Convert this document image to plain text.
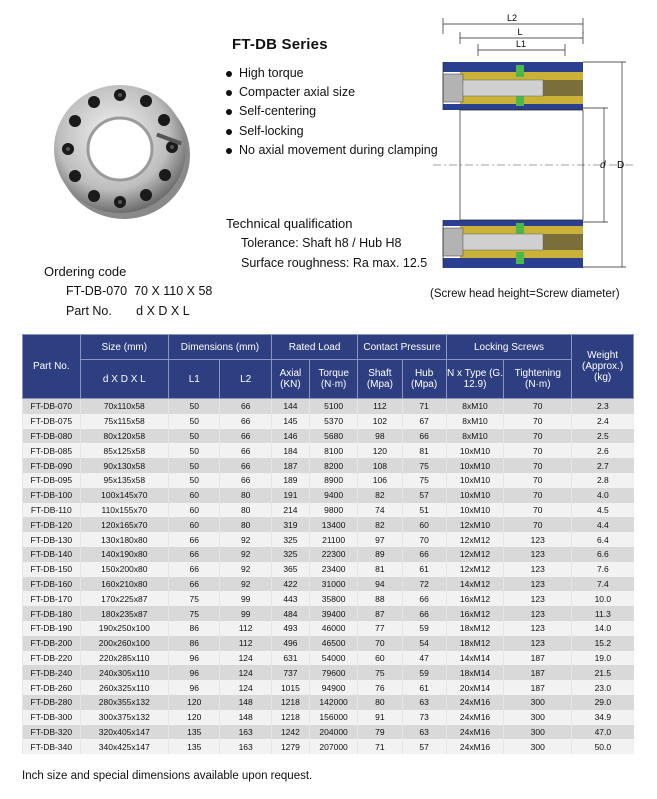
FT-DB Series
High torque
Compacter axial size
Self-centering
Self-locking
No axial movement during clamping
Technical qualification
Tolerance: Shaft h8 / Hub H8
Surface roughness: Ra max. 12.5
Ordering code
FT-DB-070  70 X 110 X 58
Part No.       d X D X L
L2
L
L1
d D
(Screw head height=Screw diameter)
Part No.	Size (mm)	Dimensions (mm)		Rated Load		Contact Pressure		Locking Screws		Weight (Approx.) (kg)
	d X D X L	L1	L2	Axial (KN)	Torque (N·m)	Shaft (Mpa)	Hub (Mpa)	N x Type (G. 12.9)	Tightening (N·m)	
FT-DB-070	70x110x58	50	66	144	5100	112	71	8xM10	70	2.3
FT-DB-075	75x115x58	50	66	145	5370	102	67	8xM10	70	2.4
FT-DB-080	80x120x58	50	66	146	5680	98	66	8xM10	70	2.5
FT-DB-085	85x125x58	50	66	184	8100	120	81	10xM10	70	2.6
FT-DB-090	90x130x58	50	66	187	8200	108	75	10xM10	70	2.7
FT-DB-095	95x135x58	50	66	189	8900	106	75	10xM10	70	2.8
FT-DB-100	100x145x70	60	80	191	9400	82	57	10xM10	70	4.0
FT-DB-110	110x155x70	60	80	214	9800	74	51	10xM10	70	4.5
FT-DB-120	120x165x70	60	80	319	13400	82	60	12xM10	70	4.4
FT-DB-130	130x180x80	66	92	325	21100	97	70	12xM12	123	6.4
FT-DB-140	140x190x80	66	92	325	22300	89	66	12xM12	123	6.6
FT-DB-150	150x200x80	66	92	365	23400	81	61	12xM12	123	7.6
FT-DB-160	160x210x80	66	92	422	31000	94	72	14xM12	123	7.4
FT-DB-170	170x225x87	75	99	443	35800	88	66	16xM12	123	10.0
FT-DB-180	180x235x87	75	99	484	39400	87	66	16xM12	123	11.3
FT-DB-190	190x250x100	86	112	493	46000	77	59	18xM12	123	14.0
FT-DB-200	200x260x100	86	112	496	46500	70	54	18xM12	123	15.2
FT-DB-220	220x285x110	96	124	631	54000	60	47	14xM14	187	19.0
FT-DB-240	240x305x110	96	124	737	79600	75	59	18xM14	187	21.5
FT-DB-260	260x325x110	96	124	1015	94900	76	61	20xM14	187	23.0
FT-DB-280	280x355x132	120	148	1218	142000	80	63	24xM16	300	29.0
FT-DB-300	300x375x132	120	148	1218	156000	91	73	24xM16	300	34.9
FT-DB-320	320x405x147	135	163	1242	204000	79	63	24xM16	300	47.0
FT-DB-340	340x425x147	135	163	1279	207000	71	57	24xM16	300	50.0
Inch size and special dimensions available upon request.
